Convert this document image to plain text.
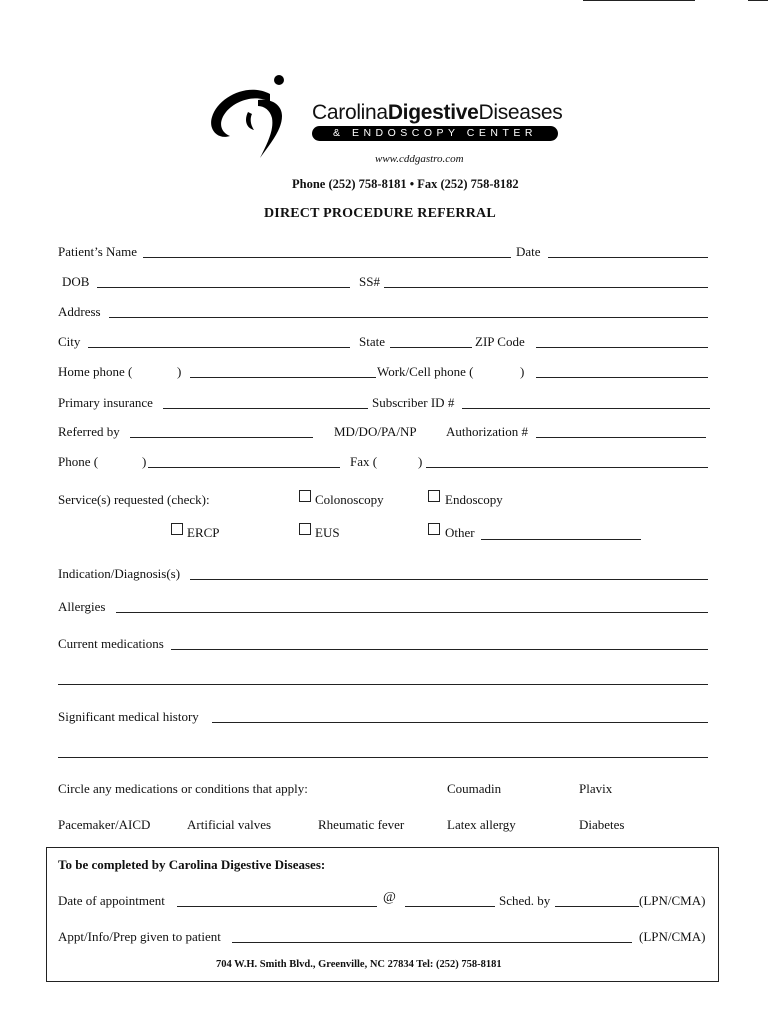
CarolinaDigestiveDiseases
& ENDOSCOPY CENTER
www.cddgastro.com
Phone (252) 758-8181 • Fax (252) 758-8182
DIRECT PROCEDURE REFERRAL
Patient’s Name	Date
DOB	SS#
Address
City	State	ZIP Code
Home phone (	)	Work/Cell phone (	)
Primary insurance	Subscriber ID #
Referred by	MD/DO/PA/NP Authorization #
Phone (	)	Fax (	)
Service(s) requested (check):	Colonoscopy	Endoscopy
ERCP	EUS	Other
Indication/Diagnosis(s)
Allergies
Current medications
Significant medical history
Circle any medications or conditions that apply:	Coumadin	Plavix
Pacemaker/AICD	Artificial valves	Rheumatic fever	Latex allergy	Diabetes
To be completed by Carolina Digestive Diseases:
Date of appointment	@	Sched. by	(LPN/CMA)
Appt/Info/Prep given to patient	(LPN/CMA)
704 W.H. Smith Blvd., Greenville, NC 27834 Tel: (252) 758-8181
